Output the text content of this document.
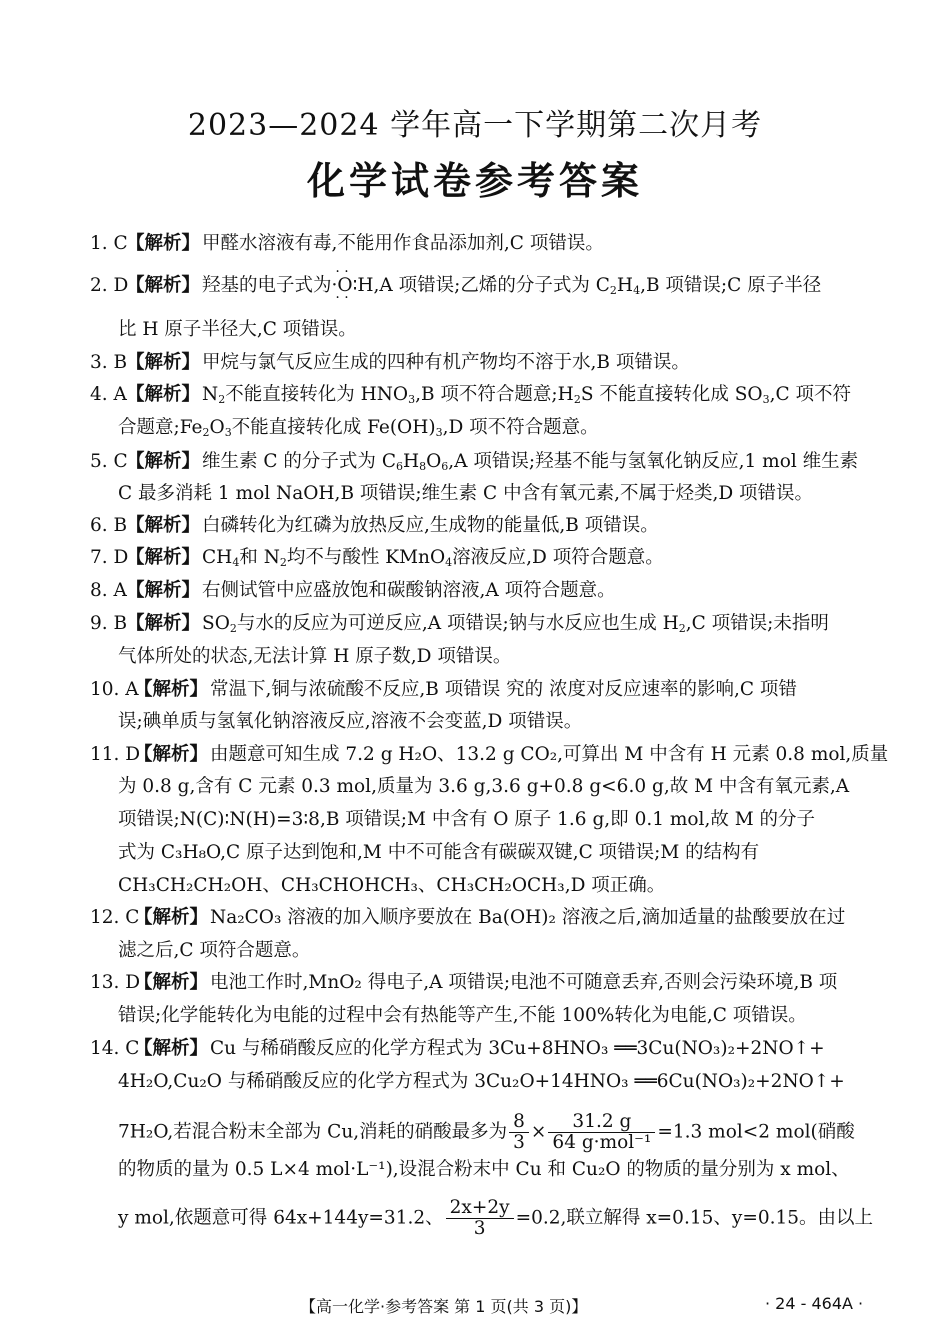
2023—2024 学年高一下学期第二次月考
化学试卷参考答案
1. C【解析】 甲醛水溶液有毒,不能用作食品添加剂,C 项错误。
2. D【解析】 羟基的电子式为·· · O · ·∶H,A 项错误;乙烯的分子式为 $C_2H_4,B$ 项错误;C 原子半径
比 H 原子半径大,C 项错误。
3. B【解析】 甲烷与氯气反应生成的四种有机产物均不溶于水,B 项错误。
4. A【解析】 $N_2$不能直接转化为 $HNO_3,B$ 项不符合题意$;H_2S$ 不能直接转化成 $SO_3,C$ 项不符
合题意$;Fe_2O_3$不能直接转化成 $Fe(OH)_3,D$ 项不符合题意。
5. C【解析】 维生素 C 的分子式为 $C_6H_8O_6,A$ 项错误;羟基不能与氢氧化钠反应,1 mol 维生素
C 最多消耗 1 mol NaOH,B 项错误;维生素 C 中含有氧元素,不属于烃类,D 项错误。
6. B【解析】 白磷转化为红磷为放热反应,生成物的能量低,B 项错误。
7. D【解析】 $CH_4$和 $N_2$均不与酸性 KMnO$_4$溶液反应,D 项符合题意。
8. A【解析】 右侧试管中应盛放饱和碳酸钠溶液,A 项符合题意。
9. B【解析】 $SO_2$与水的反应为可逆反应,A 项错误;钠与水反应也生成 $H_2,C$ 项错误;未指明
气体所处的状态,无法计算 H 原子数,D 项错误。
10. A【解析】 常温下,铜与浓硫酸不反应,B 项错误 究的 浓度对反应速率的影响,C 项错
误;碘单质与氢氧化钠溶液反应,溶液不会变蓝,D 项错误。
11. D【解析】 由题意可知生成 7.2 g H₂O、13.2 g CO₂,可算出 M 中含有 H 元素 0.8 mol,质量
为 0.8 g,含有 C 元素 0.3 mol,质量为 3.6 g,3.6 g+0.8 g<6.0 g,故 M 中含有氧元素,A
项错误;N(C)∶N(H)=3∶8,B 项错误;M 中含有 O 原子 1.6 g,即 0.1 mol,故 M 的分子
式为 C₃H₈O,C 原子达到饱和,M 中不可能含有碳碳双键,C 项错误;M 的结构有
CH₃CH₂CH₂OH、CH₃CHOHCH₃、CH₃CH₂OCH₃,D 项正确。
12. C【解析】 Na₂CO₃ 溶液的加入顺序要放在 Ba(OH)₂ 溶液之后,滴加适量的盐酸要放在过
滤之后,C 项符合题意。
13. D【解析】 电池工作时,MnO₂ 得电子,A 项错误;电池不可随意丢弃,否则会污染环境,B 项
错误;化学能转化为电能的过程中会有热能等产生,不能 100%转化为电能,C 项错误。
14. C【解析】 Cu 与稀硝酸反应的化学方程式为 3Cu+8HNO₃ ══3Cu(NO₃)₂+2NO↑+
4H₂O,Cu₂O 与稀硝酸反应的化学方程式为 3Cu₂O+14HNO₃ ══6Cu(NO₃)₂+2NO↑+
7H₂O,若混合粉末全部为 Cu,消耗的硝酸最多为 $\frac{8}{3} \times \frac{31.2 g}{\text{64 g·mol⁻¹}} =1.3$ mol<2 mol(硝酸
的物质的量为 0.5 L×4 mol·L⁻¹),设混合粉末中 Cu 和 Cu₂O 的物质的量分别为 x mol、
y mol,依题意可得 64x+144y=31.2、 $\frac{2x+2y}{3} =0.2$,联立解得 x=0.15、y=0.15。由以上
【高一化学·参考答案 第 1 页(共 3 页)】	· 24 - 464A ·
